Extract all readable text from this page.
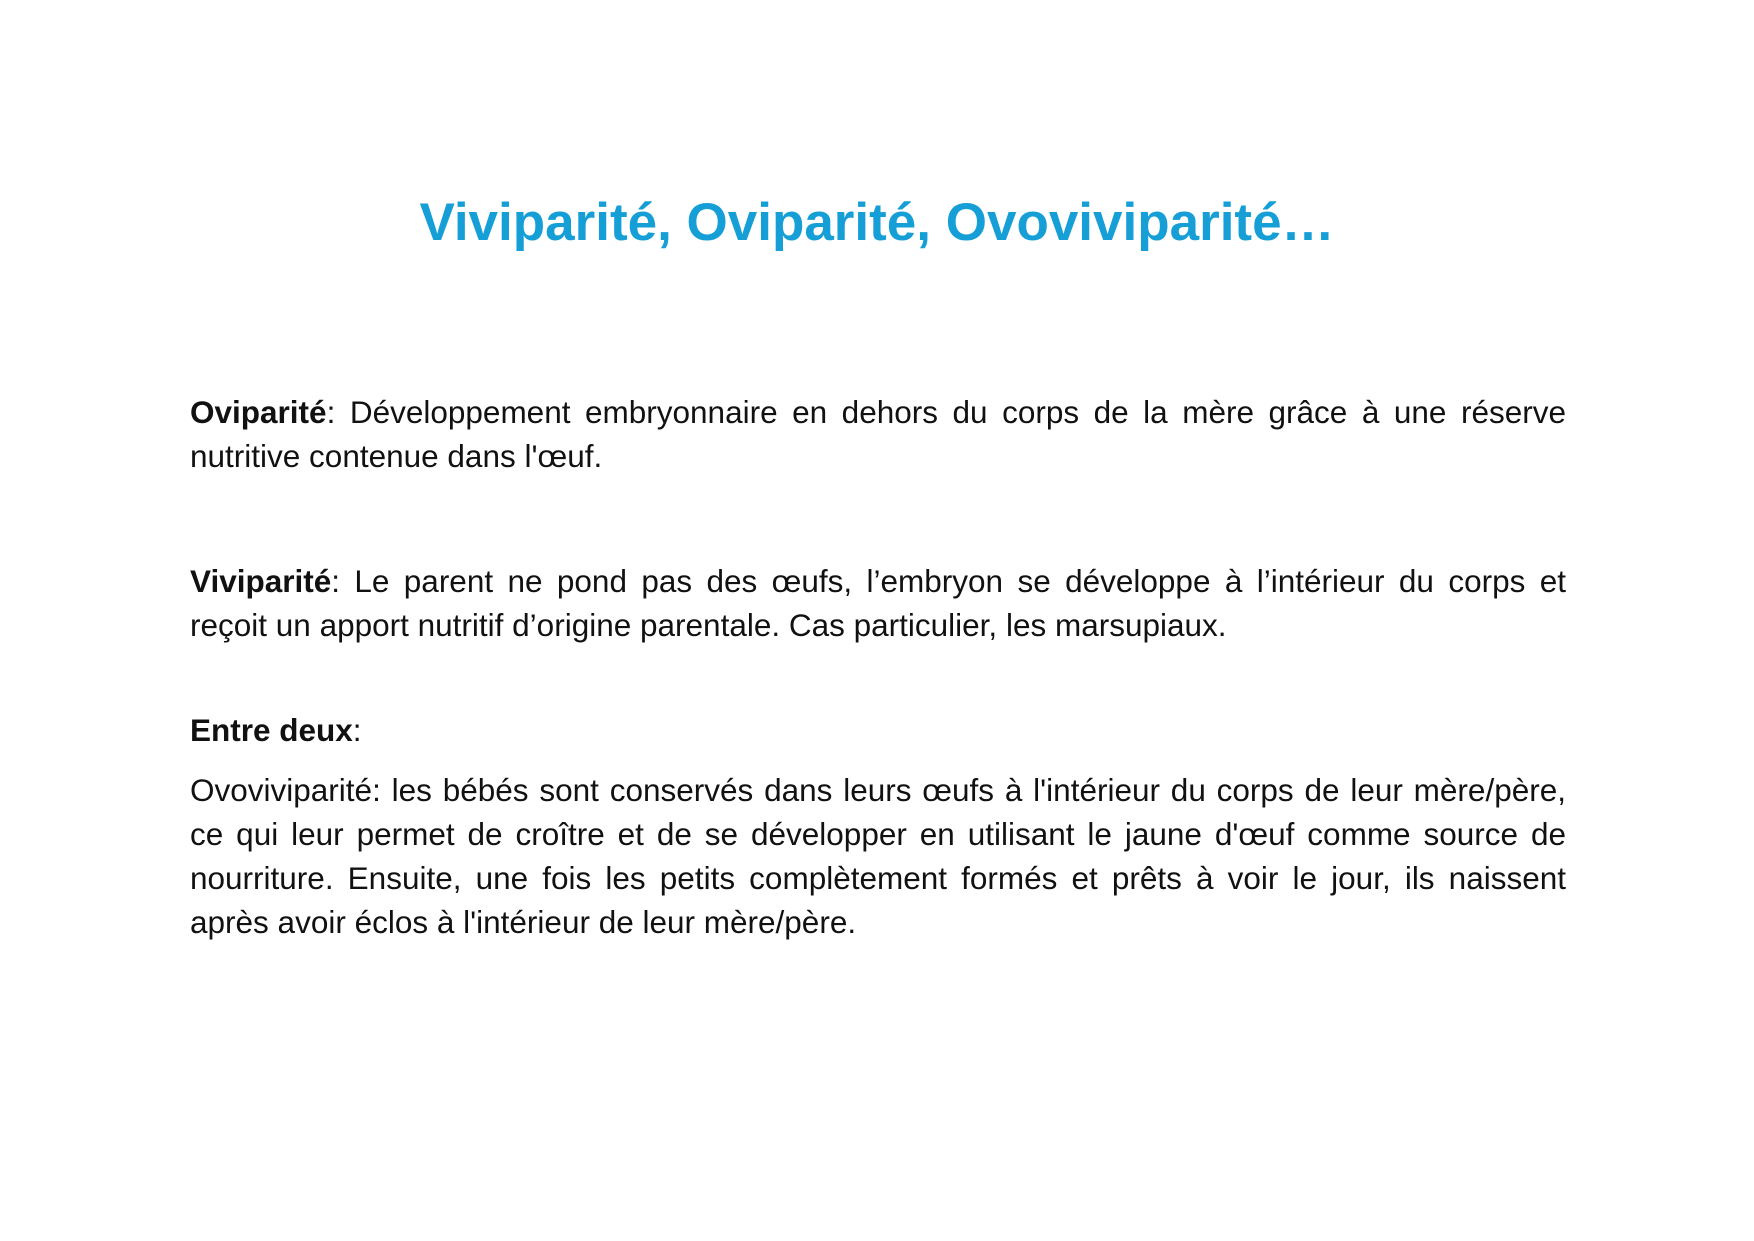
Viviparité, Oviparité, Ovoviviparité…

Oviparité: Développement embryonnaire en dehors du corps de la mère grâce à une réserve nutritive contenue dans l'œuf.

Viviparité: Le parent ne pond pas des œufs, l’embryon se développe à l’intérieur du corps et reçoit un apport nutritif d’origine parentale. Cas particulier, les marsupiaux.

Entre deux:

Ovoviviparité: les bébés sont conservés dans leurs œufs à l'intérieur du corps de leur mère/père, ce qui leur permet de croître et de se développer en utilisant le jaune d'œuf comme source de nourriture. Ensuite, une fois les petits complètement formés et prêts à voir le jour, ils naissent après avoir éclos à l'intérieur de leur mère/père.
